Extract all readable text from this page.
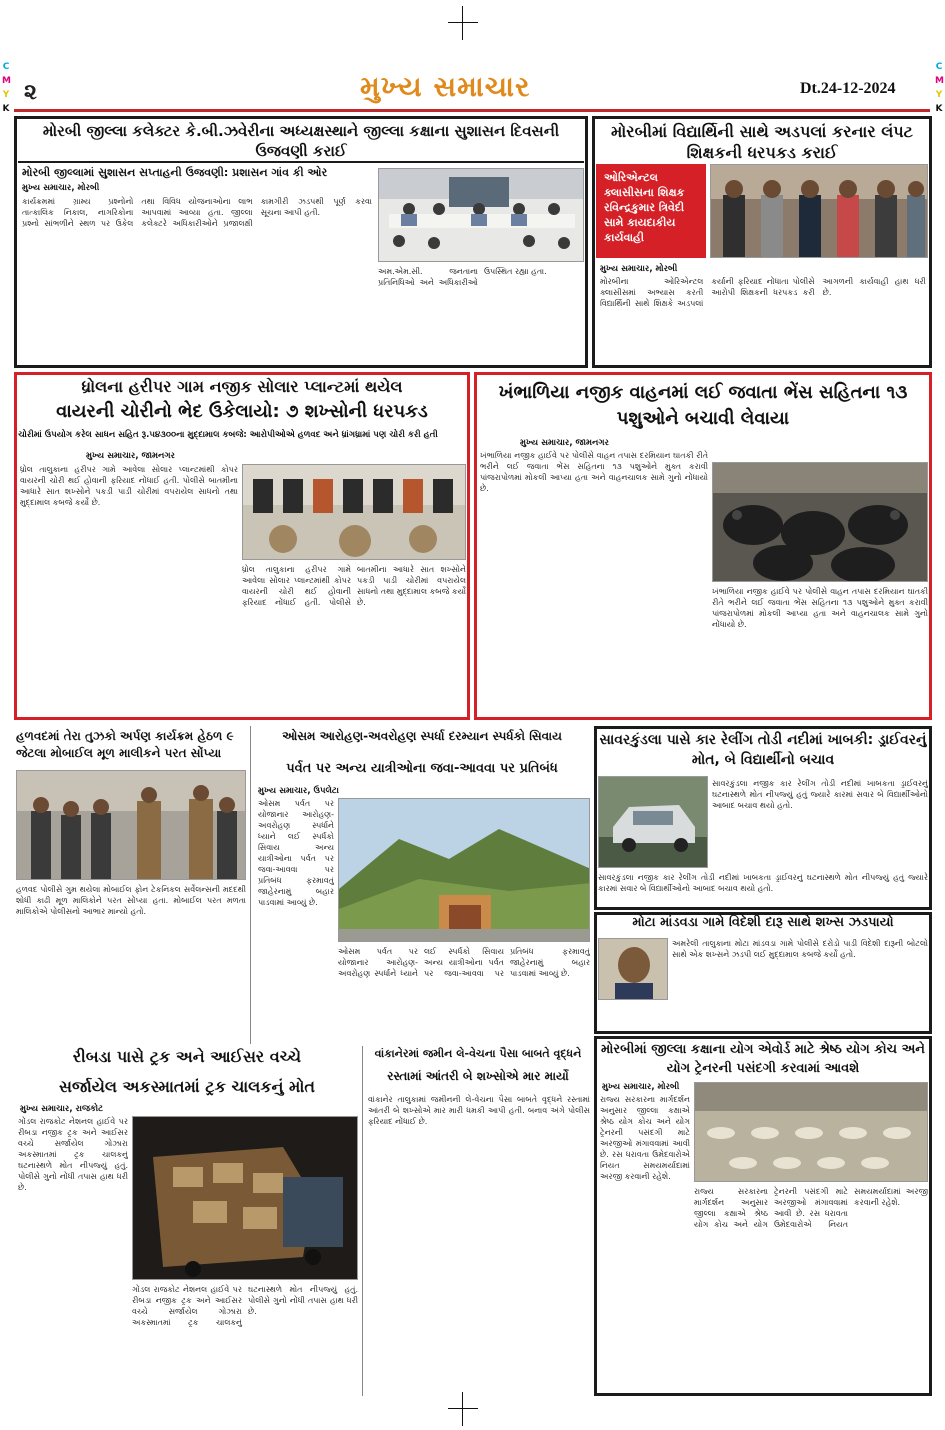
C
M
Y
K
C
M
Y
K
૨	મુખ્ય સમાચાર	Dt.24-12-2024
મોરબી જીલ્લા કલેક્ટર કે.બી.ઝવેરીના અધ્યક્ષસ્થાને જીલ્લા કક્ષાના સુશાસન દિવસની ઉજવણી કરાઈ
મોરબી જીલ્લામાં સુશાસન સપ્તાહની ઉજવણી: પ્રશાસન ગાંવ કી ઓર
મુખ્ય સમાચાર, મોરબી
કાર્યક્રમમાં ગ્રામ્ય પ્રશ્નોનો તાત્કાલિક નિકાલ, નાગરિકોના પ્રશ્નો સાંભળીને સ્થળ પર ઉકેલ તથા વિવિધ યોજનાઓના લાભ આપવામાં આવ્યા હતા. જીલ્લા કલેક્ટરે અધિકારીઓને પ્રજાલક્ષી કામગીરી ઝડપથી પૂર્ણ કરવા સૂચના આપી હતી.
અમ.એમ.સી. જનતાના પ્રતિનિધિઓ અને અધિકારીઓ ઉપસ્થિત રહ્યા હતા.
મોરબીમાં વિદ્યાર્થિની સાથે અડપલાં કરનાર લંપટ શિક્ષકની ધરપકડ કરાઈ
ઓરિએન્ટલ ક્લાસીસના શિક્ષક રવિન્દ્રકુમાર ત્રિવેદી સામે કાયદાકીય કાર્યવાહી
મુખ્ય સમાચાર, મોરબી
મોરબીના ઓરિએન્ટલ ક્લાસીસમાં અભ્યાસ કરતી વિદ્યાર્થિની સાથે શિક્ષકે અડપલાં કર્યાની ફરિયાદ નોંધાતા પોલીસે આરોપી શિક્ષકની ધરપકડ કરી આગળની કાર્યવાહી હાથ ધરી છે.
ધ્રોલના હરીપર ગામ નજીક સોલાર પ્લાન્ટમાં થયેલ
વાયરની ચોરીનો ભેદ ઉકેલાયો: ૭ શખ્સોની ધરપકડ
ચોરીમાં ઉપયોગ કરેલ સાધન સહિત રૂ.૫૪૩૦૦ના મુદ્દામાલ કબજે: આરોપીઓએ હળવદ અને ધ્રાંગધ્રામાં પણ ચોરી કરી હતી
મુખ્ય સમાચાર, જામનગર
ધ્રોલ તાલુકાના હરીપર ગામે આવેલા સોલાર પ્લાન્ટમાંથી કોપર વાયરની ચોરી થઈ હોવાની ફરિયાદ નોંધાઈ હતી. પોલીસે બાતમીના આધારે સાત શખ્સોને પકડી પાડી ચોરીમાં વપરાયેલ સાધનો તથા મુદ્દામાલ કબજે કર્યો છે.
ધ્રોલ તાલુકાના હરીપર ગામે આવેલા સોલાર પ્લાન્ટમાંથી કોપર વાયરની ચોરી થઈ હોવાની ફરિયાદ નોંધાઈ હતી. પોલીસે બાતમીના આધારે સાત શખ્સોને પકડી પાડી ચોરીમાં વપરાયેલ સાધનો તથા મુદ્દામાલ કબજે કર્યો છે.
ખંભાળિયા નજીક વાહનમાં લઈ જવાતા ભેંસ સહિતના ૧૩ પશુઓને બચાવી લેવાયા
મુખ્ય સમાચાર, જામનગર
ખંભાળિયા નજીક હાઈવે પર પોલીસે વાહન તપાસ દરમિયાન ઘાતકી રીતે ભરીને લઈ જવાતા ભેંસ સહિતના ૧૩ પશુઓને મુક્ત કરાવી પાંજરાપોળમાં મોકલી આપ્યા હતા અને વાહનચાલક સામે ગુનો નોંધાયો છે.
ખંભાળિયા નજીક હાઈવે પર પોલીસે વાહન તપાસ દરમિયાન ઘાતકી રીતે ભરીને લઈ જવાતા ભેંસ સહિતના ૧૩ પશુઓને મુક્ત કરાવી પાંજરાપોળમાં મોકલી આપ્યા હતા અને વાહનચાલક સામે ગુનો નોંધાયો છે.
હળવદમાં તેરા તુઝકો અર્પણ કાર્યક્રમ હેઠળ ૯ જેટલા મોબાઈલ મૂળ માલીકને પરત સોંપ્યા
હળવદ પોલીસે ગુમ થયેલા મોબાઈલ ફોન ટેકનિકલ સર્વેલન્સની મદદથી શોધી કાઢી મૂળ માલિકોને પરત સોંપ્યા હતા. મોબાઈલ પરત મળતા માલિકોએ પોલીસનો આભાર માન્યો હતો.
ઓસમ આરોહણ-અવરોહણ સ્પર્ધા દરમ્યાન સ્પર્ધકો સિવાય
પર્વત પર અન્ય યાત્રીઓના જવા-આવવા પર પ્રતિબંધ
મુખ્ય સમાચાર, ઉપલેટા
ઓસમ પર્વત પર યોજાનાર આરોહણ-અવરોહણ સ્પર્ધાને ધ્યાને લઈ સ્પર્ધકો સિવાય અન્ય યાત્રીઓના પર્વત પર જવા-આવવા પર પ્રતિબંધ ફરમાવતું જાહેરનામું બહાર પાડવામાં આવ્યું છે.
ઓસમ પર્વત પર યોજાનાર આરોહણ-અવરોહણ સ્પર્ધાને ધ્યાને લઈ સ્પર્ધકો સિવાય અન્ય યાત્રીઓના પર્વત પર જવા-આવવા પર પ્રતિબંધ ફરમાવતું જાહેરનામું બહાર પાડવામાં આવ્યું છે.
સાવરકુંડલા પાસે કાર રેલીંગ તોડી નદીમાં ખાબકી: ડ્રાઈવરનું મોત, બે વિદ્યાર્થીનો બચાવ
સાવરકુંડલા નજીક કાર રેલીંગ તોડી નદીમાં ખાબકતા ડ્રાઈવરનું ઘટનાસ્થળે મોત નીપજ્યું હતું જ્યારે કારમાં સવાર બે વિદ્યાર્થીઓનો આબાદ બચાવ થયો હતો.
સાવરકુંડલા નજીક કાર રેલીંગ તોડી નદીમાં ખાબકતા ડ્રાઈવરનું ઘટનાસ્થળે મોત નીપજ્યું હતું જ્યારે કારમાં સવાર બે વિદ્યાર્થીઓનો આબાદ બચાવ થયો હતો.
મોટા માંડવડા ગામે વિદેશી દારૂ સાથે શખ્સ ઝડપાયો
અમરેલી તાલુકાના મોટા માંડવડા ગામે પોલીસે દરોડો પાડી વિદેશી દારૂની બોટલો સાથે એક શખ્સને ઝડપી લઈ મુદ્દામાલ કબજે કર્યો હતો.
મોરબીમાં જીલ્લા કક્ષાના યોગ એવોર્ડ માટે શ્રેષ્ઠ યોગ કોચ અને યોગ ટ્રેનરની પસંદગી કરવામાં આવશે
મુખ્ય સમાચાર, મોરબી
રાજ્ય સરકારના માર્ગદર્શન અનુસાર જીલ્લા કક્ષાએ શ્રેષ્ઠ યોગ કોચ અને યોગ ટ્રેનરની પસંદગી માટે અરજીઓ મંગાવવામાં આવી છે. રસ ધરાવતા ઉમેદવારોએ નિયત સમયમર્યાદામાં અરજી કરવાની રહેશે.
રાજ્ય સરકારના માર્ગદર્શન અનુસાર જીલ્લા કક્ષાએ શ્રેષ્ઠ યોગ કોચ અને યોગ ટ્રેનરની પસંદગી માટે અરજીઓ મંગાવવામાં આવી છે. રસ ધરાવતા ઉમેદવારોએ નિયત સમયમર્યાદામાં અરજી કરવાની રહેશે.
રીબડા પાસે ટ્રક અને આઈસર વચ્ચે
સર્જાયેલ અકસ્માતમાં ટ્રક ચાલકનું મોત
મુખ્ય સમાચાર, રાજકોટ
ગોંડલ રાજકોટ નેશનલ હાઈવે પર રીબડા નજીક ટ્રક અને આઈસર વચ્ચે સર્જાયેલ ગોઝારા અકસ્માતમાં ટ્રક ચાલકનું ઘટનાસ્થળે મોત નીપજ્યું હતું. પોલીસે ગુનો નોંધી તપાસ હાથ ધરી છે.
ગોંડલ રાજકોટ નેશનલ હાઈવે પર રીબડા નજીક ટ્રક અને આઈસર વચ્ચે સર્જાયેલ ગોઝારા અકસ્માતમાં ટ્રક ચાલકનું ઘટનાસ્થળે મોત નીપજ્યું હતું. પોલીસે ગુનો નોંધી તપાસ હાથ ધરી છે.
વાંકાનેરમાં જમીન લે-વેચના પૈસા બાબતે વૃદ્ધને
રસ્તામાં આંતરી બે શખ્સોએ માર માર્યો
વાંકાનેર તાલુકામાં જમીનની લે-વેચના પૈસા બાબતે વૃદ્ધને રસ્તામાં આંતરી બે શખ્સોએ માર મારી ધમકી આપી હતી. બનાવ અંગે પોલીસ ફરિયાદ નોંધાઈ છે.
